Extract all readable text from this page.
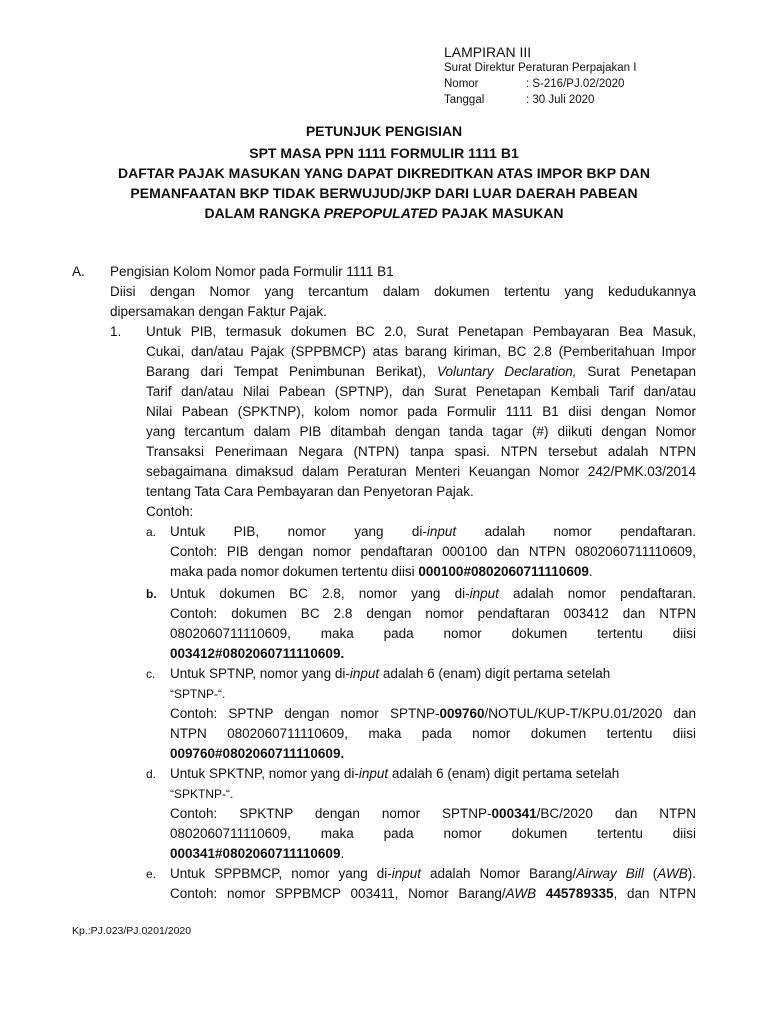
LAMPIRAN III
Surat Direktur Peraturan Perpajakan I
Nomor	: S-216/PJ.02/2020
Tanggal	: 30 Juli 2020
PETUNJUK PENGISIAN
SPT MASA PPN 1111 FORMULIR 1111 B1
DAFTAR PAJAK MASUKAN YANG DAPAT DIKREDITKAN ATAS IMPOR BKP DAN
PEMANFAATAN BKP TIDAK BERWUJUD/JKP DARI LUAR DAERAH PABEAN
DALAM RANGKA PREPOPULATED PAJAK MASUKAN
A. Pengisian Kolom Nomor pada Formulir 1111 B1
Diisi dengan Nomor yang tercantum dalam dokumen tertentu yang kedudukannya
dipersamakan dengan Faktur Pajak.
1. Untuk PIB, termasuk dokumen BC 2.0, Surat Penetapan Pembayaran Bea Masuk,
Cukai, dan/atau Pajak (SPPBMCP) atas barang kiriman, BC 2.8 (Pemberitahuan Impor
Barang dari Tempat Penimbunan Berikat), Voluntary Declaration, Surat Penetapan
Tarif dan/atau Nilai Pabean (SPTNP), dan Surat Penetapan Kembali Tarif dan/atau
Nilai Pabean (SPKTNP), kolom nomor pada Formulir 1111 B1 diisi dengan Nomor
yang tercantum dalam PIB ditambah dengan tanda tagar (#) diikuti dengan Nomor
Transaksi Penerimaan Negara (NTPN) tanpa spasi. NTPN tersebut adalah NTPN
sebagaimana dimaksud dalam Peraturan Menteri Keuangan Nomor 242/PMK.03/2014
tentang Tata Cara Pembayaran dan Penyetoran Pajak.
Contoh:
a. Untuk PIB, nomor yang di-input adalah nomor pendaftaran.
Contoh: PIB dengan nomor pendaftaran 000100 dan NTPN 0802060711110609,
maka pada nomor dokumen tertentu diisi 000100#0802060711110609.
b. Untuk dokumen BC 2.8, nomor yang di-input adalah nomor pendaftaran.
Contoh: dokumen BC 2.8 dengan nomor pendaftaran 003412 dan NTPN
0802060711110609, maka pada nomor dokumen tertentu diisi
003412#0802060711110609.
c. Untuk SPTNP, nomor yang di-input adalah 6 (enam) digit pertama setelah
“SPTNP-“.
Contoh: SPTNP dengan nomor SPTNP-009760/NOTUL/KUP-T/KPU.01/2020 dan
NTPN 0802060711110609, maka pada nomor dokumen tertentu diisi
009760#0802060711110609.
d. Untuk SPKTNP, nomor yang di-input adalah 6 (enam) digit pertama setelah
“SPKTNP-“.
Contoh: SPKTNP dengan nomor SPTNP-000341/BC/2020 dan NTPN
0802060711110609, maka pada nomor dokumen tertentu diisi
000341#0802060711110609.
e. Untuk SPPBMCP, nomor yang di-input adalah Nomor Barang/Airway Bill (AWB).
Contoh: nomor SPPBMCP 003411, Nomor Barang/AWB 445789335, dan NTPN
Kp.:PJ.023/PJ.0201/2020
